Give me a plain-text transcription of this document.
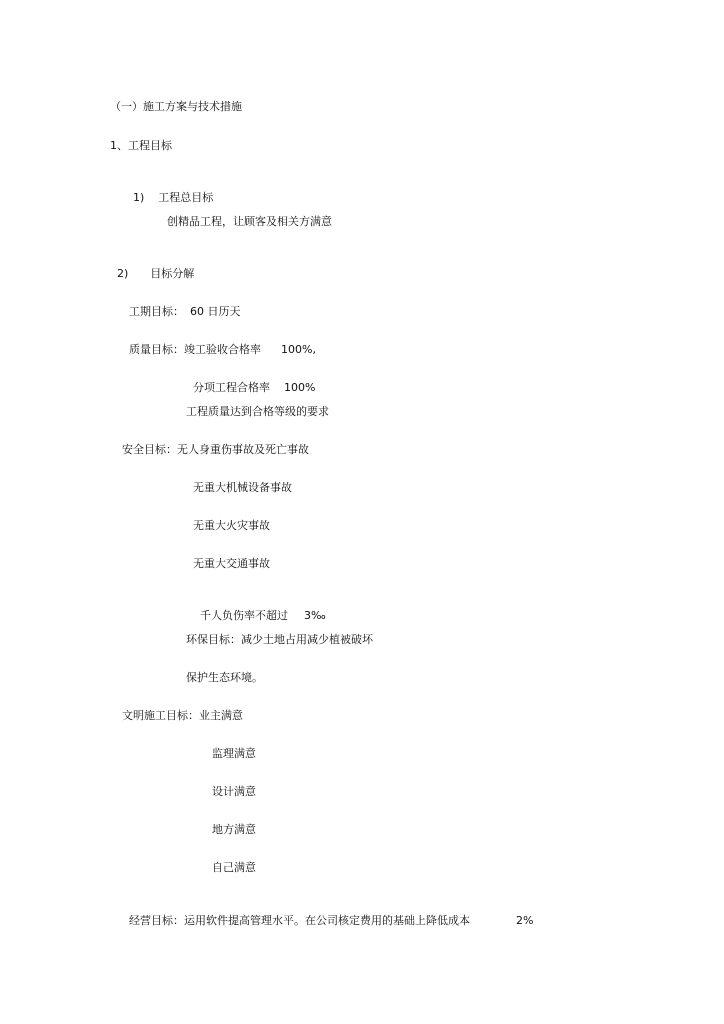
（一）施工方案与技术措施
1、工程目标

1) 工程总目标

创精品工程，让顾客及相关方满意

2) 目标分解

工期目标： 60 日历天

质量目标：竣工验收合格率 100%,

分项工程合格率 100%

工程质量达到合格等级的要求
安全目标：无人身重伤事故及死亡事故
无重大机械设备事故
无重大火灾事故
无重大交通事故

千人负伤率不超过 3‰

环保目标：减少土地占用减少植被破坏
保护生态环境。
文明施工目标：业主满意
监理满意
设计满意
地方满意
自己满意

经营目标：运用软件提高管理水平。在公司核定费用的基础上降低成本	2%
